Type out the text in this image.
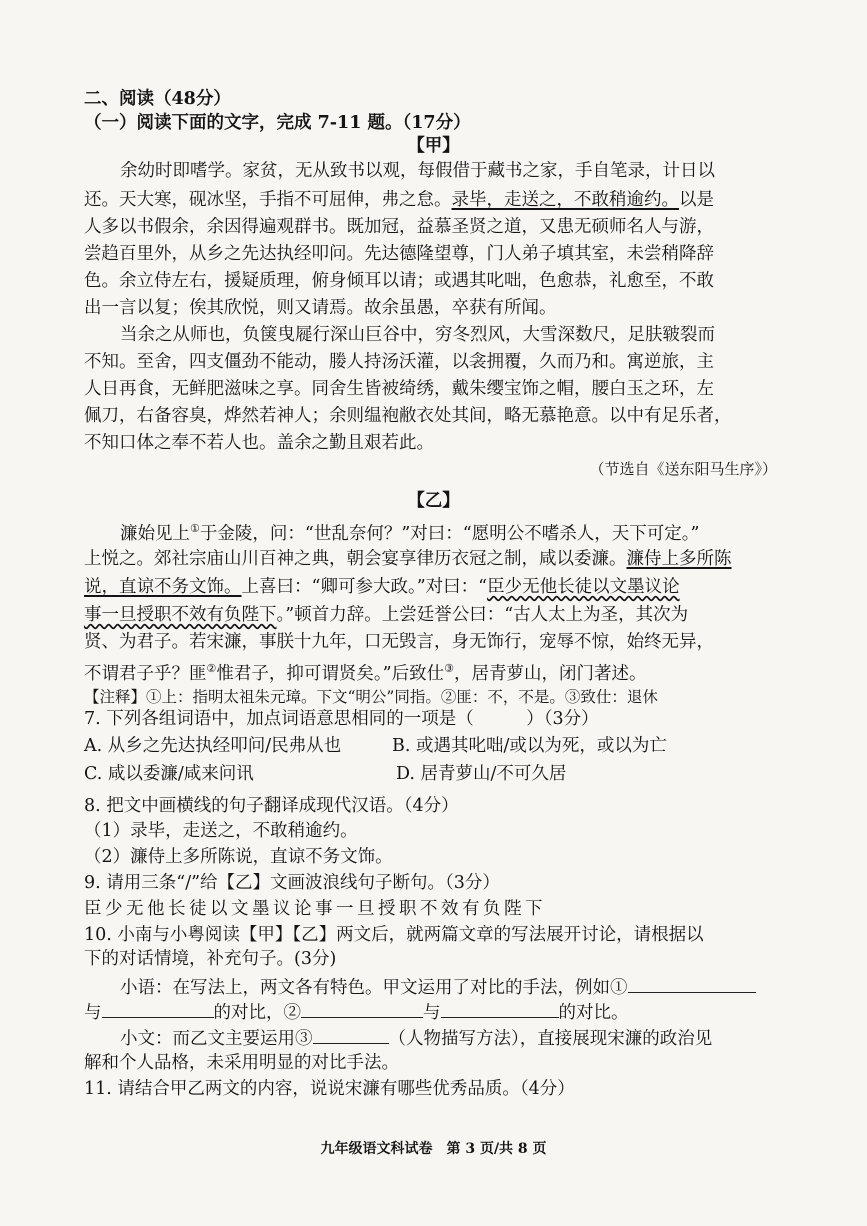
二、阅读（48分）
（一）阅读下面的文字，完成 7-11 题。（17分）
【甲】
余幼时即嗜学。家贫，无从致书以观，每假借于藏书之家，手自笔录，计日以
还。天大寒，砚冰坚，手指不可屈伸，弗之怠。录毕，走送之，不敢稍逾约。以是
人多以书假余，余因得遍观群书。既加冠，益慕圣贤之道，又患无硕师名人与游，
尝趋百里外，从乡之先达执经叩问。先达德隆望尊，门人弟子填其室，未尝稍降辞
色。余立侍左右，援疑质理，俯身倾耳以请；或遇其叱咄，色愈恭，礼愈至，不敢
出一言以复；俟其欣悦，则又请焉。故余虽愚，卒获有所闻。
当余之从师也，负箧曳屣行深山巨谷中，穷冬烈风，大雪深数尺，足肤皲裂而
不知。至舍，四支僵劲不能动，媵人持汤沃灌，以衾拥覆，久而乃和。寓逆旅，主
人日再食，无鲜肥滋味之享。同舍生皆被绮绣，戴朱缨宝饰之帽，腰白玉之环，左
佩刀，右备容臭，烨然若神人；余则缊袍敝衣处其间，略无慕艳意。以中有足乐者，
不知口体之奉不若人也。盖余之勤且艰若此。
（节选自《送东阳马生序》）
【乙】
濂始见上①于金陵，问：“世乱奈何？”对曰：“愿明公不嗜杀人，天下可定。”
上悦之。郊社宗庙山川百神之典，朝会宴享律历衣冠之制，咸以委濂。濂侍上多所陈
说，直谅不务文饰。上喜曰：“卿可参大政。”对曰：“臣少无他长徒以文墨议论
事一旦授职不效有负陛下。”顿首力辞。上尝廷誉公曰：“古人太上为圣，其次为
贤、为君子。若宋濂，事朕十九年，口无毁言，身无饰行，宠辱不惊，始终无异，
不谓君子乎？匪②惟君子，抑可谓贤矣。”后致仕③，居青萝山，闭门著述。
【注释】①上：指明太祖朱元璋。下文“明公”同指。②匪：不，不是。③致仕：退休
7. 下列各组词语中，加点词语意思相同的一项是（　　　）（3分）
A. 从乡之先达执经叩问/民弗从也	B. 或遇其叱咄/或以为死，或以为亡
C. 咸以委濂/咸来问讯	D. 居青萝山/不可久居
8. 把文中画横线的句子翻译成现代汉语。（4分）
（1）录毕，走送之，不敢稍逾约。
（2）濂侍上多所陈说，直谅不务文饰。
9. 请用三条“/”给【乙】文画波浪线句子断句。（3分）
臣少无他长徒以文墨议论事一旦授职不效有负陛下
10. 小南与小粤阅读【甲】【乙】两文后，就两篇文章的写法展开讨论，请根据以
下的对话情境，补充句子。(3分)
小语：在写法上，两文各有特色。甲文运用了对比的手法，例如①
与	的对比，②	与	的对比。
小文：而乙文主要运用③	（人物描写方法），直接展现宋濂的政治见
解和个人品格，未采用明显的对比手法。
11. 请结合甲乙两文的内容，说说宋濂有哪些优秀品质。（4分）
九年级语文科试卷　第 3 页/共 8 页
